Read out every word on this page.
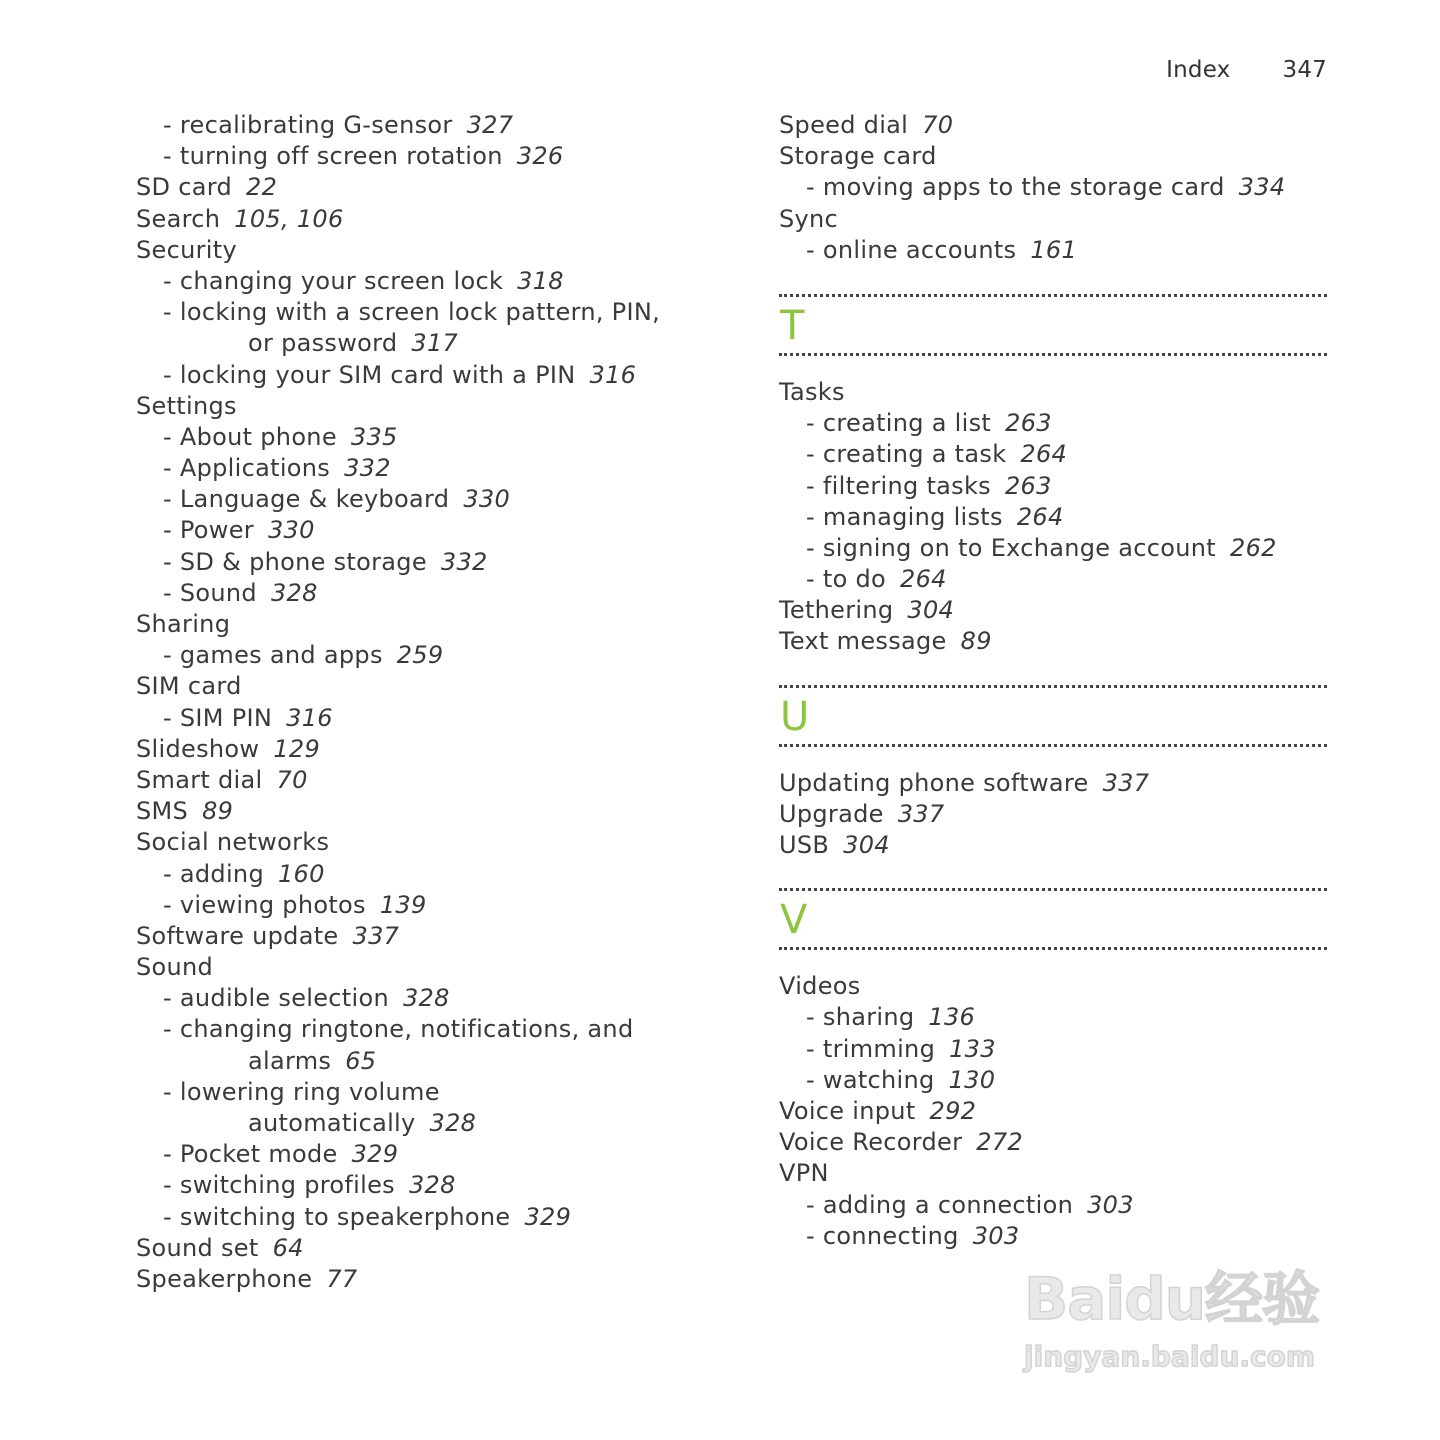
Index 347
- recalibrating G-sensor 327
- turning off screen rotation 326
SD card 22
Search 105, 106
Security
- changing your screen lock 318
- locking with a screen lock pattern, PIN,
or password 317
- locking your SIM card with a PIN 316
Settings
- About phone 335
- Applications 332
- Language & keyboard 330
- Power 330
- SD & phone storage 332
- Sound 328
Sharing
- games and apps 259
SIM card
- SIM PIN 316
Slideshow 129
Smart dial 70
SMS 89
Social networks
- adding 160
- viewing photos 139
Software update 337
Sound
- audible selection 328
- changing ringtone, notifications, and
alarms 65
- lowering ring volume
automatically 328
- Pocket mode 329
- switching profiles 328
- switching to speakerphone 329
Sound set 64
Speakerphone 77
Speed dial 70
Storage card
- moving apps to the storage card 334
Sync
- online accounts 161
T
Tasks
- creating a list 263
- creating a task 264
- filtering tasks 263
- managing lists 264
- signing on to Exchange account 262
- to do 264
Tethering 304
Text message 89
U
Updating phone software 337
Upgrade 337
USB 304
V
Videos
- sharing 136
- trimming 133
- watching 130
Voice input 292
Voice Recorder 272
VPN
- adding a connection 303
- connecting 303
Baidu经验
jingyan.baidu.com
